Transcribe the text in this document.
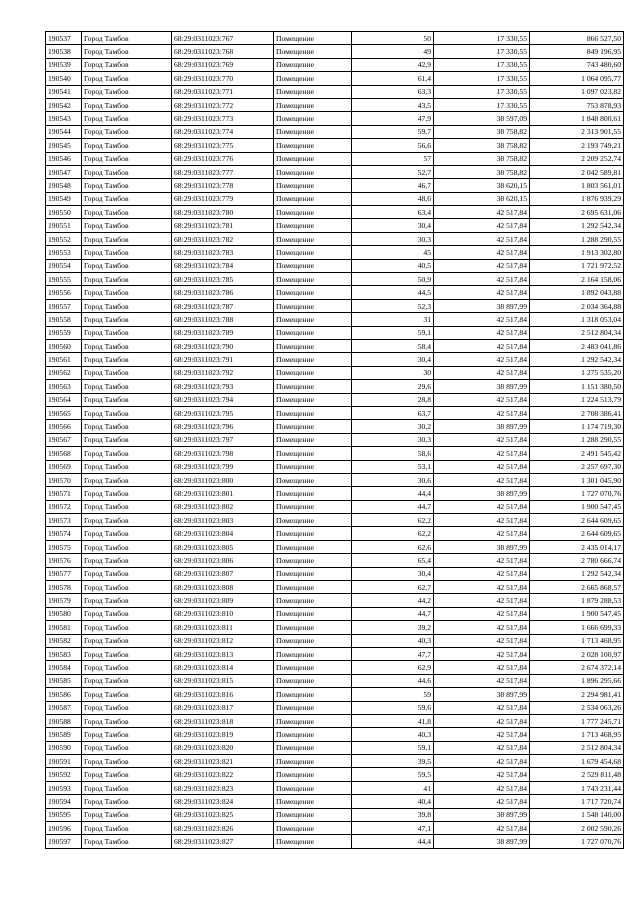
190537	Город Тамбов	68:29:0311023:767	Помещение	50	17 330,55	866 527,50
190538	Город Тамбов	68:29:0311023:768	Помещение	49	17 330,55	849 196,95
190539	Город Тамбов	68:29:0311023:769	Помещение	42,9	17 330,55	743 480,60
190540	Город Тамбов	68:29:0311023:770	Помещение	61,4	17 330,55	1 064 095,77
190541	Город Тамбов	68:29:0311023:771	Помещение	63,3	17 330,55	1 097 023,82
190542	Город Тамбов	68:29:0311023:772	Помещение	43,5	17 330,55	753 878,93
190543	Город Тамбов	68:29:0311023:773	Помещение	47,9	38 597,09	1 848 800,61
190544	Город Тамбов	68:29:0311023:774	Помещение	59,7	38 758,82	2 313 901,55
190545	Город Тамбов	68:29:0311023:775	Помещение	56,6	38 758,82	2 193 749,21
190546	Город Тамбов	68:29:0311023:776	Помещение	57	38 758,82	2 209 252,74
190547	Город Тамбов	68:29:0311023:777	Помещение	52,7	38 758,82	2 042 589,81
190548	Город Тамбов	68:29:0311023:778	Помещение	46,7	38 620,15	1 803 561,01
190549	Город Тамбов	68:29:0311023:779	Помещение	48,6	38 620,15	1 876 939,29
190550	Город Тамбов	68:29:0311023:780	Помещение	63,4	42 517,84	2 695 631,06
190551	Город Тамбов	68:29:0311023:781	Помещение	30,4	42 517,84	1 292 542,34
190552	Город Тамбов	68:29:0311023:782	Помещение	30,3	42 517,84	1 288 290,55
190553	Город Тамбов	68:29:0311023:783	Помещение	45	42 517,84	1 913 302,80
190554	Город Тамбов	68:29:0311023:784	Помещение	40,5	42 517,84	1 721 972,52
190555	Город Тамбов	68:29:0311023:785	Помещение	50,9	42 517,84	2 164 158,06
190556	Город Тамбов	68:29:0311023:786	Помещение	44,5	42 517,84	1 892 043,88
190557	Город Тамбов	68:29:0311023:787	Помещение	52,3	38 897,99	2 034 364,88
190558	Город Тамбов	68:29:0311023:788	Помещение	31	42 517,84	1 318 053,04
190559	Город Тамбов	68:29:0311023:789	Помещение	59,1	42 517,84	2 512 804,34
190560	Город Тамбов	68:29:0311023:790	Помещение	58,4	42 517,84	2 483 041,86
190561	Город Тамбов	68:29:0311023:791	Помещение	30,4	42 517,84	1 292 542,34
190562	Город Тамбов	68:29:0311023:792	Помещение	30	42 517,84	1 275 535,20
190563	Город Тамбов	68:29:0311023:793	Помещение	29,6	38 897,99	1 151 380,50
190564	Город Тамбов	68:29:0311023:794	Помещение	28,8	42 517,84	1 224 513,79
190565	Город Тамбов	68:29:0311023:795	Помещение	63,7	42 517,84	2 708 386,41
190566	Город Тамбов	68:29:0311023:796	Помещение	30,2	38 897,99	1 174 719,30
190567	Город Тамбов	68:29:0311023:797	Помещение	30,3	42 517,84	1 288 290,55
190568	Город Тамбов	68:29:0311023:798	Помещение	58,6	42 517,84	2 491 545,42
190569	Город Тамбов	68:29:0311023:799	Помещение	53,1	42 517,84	2 257 697,30
190570	Город Тамбов	68:29:0311023:800	Помещение	30,6	42 517,84	1 301 045,90
190571	Город Тамбов	68:29:0311023:801	Помещение	44,4	38 897,99	1 727 070,76
190572	Город Тамбов	68:29:0311023:802	Помещение	44,7	42 517,84	1 900 547,45
190573	Город Тамбов	68:29:0311023:803	Помещение	62,2	42 517,84	2 644 609,65
190574	Город Тамбов	68:29:0311023:804	Помещение	62,2	42 517,84	2 644 609,65
190575	Город Тамбов	68:29:0311023:805	Помещение	62,6	38 897,99	2 435 014,17
190576	Город Тамбов	68:29:0311023:806	Помещение	65,4	42 517,84	2 780 666,74
190577	Город Тамбов	68:29:0311023:807	Помещение	30,4	42 517,84	1 292 542,34
190578	Город Тамбов	68:29:0311023:808	Помещение	62,7	42 517,84	2 665 868,57
190579	Город Тамбов	68:29:0311023:809	Помещение	44,2	42 517,84	1 879 288,53
190580	Город Тамбов	68:29:0311023:810	Помещение	44,7	42 517,84	1 900 547,45
190581	Город Тамбов	68:29:0311023:811	Помещение	39,2	42 517,84	1 666 699,33
190582	Город Тамбов	68:29:0311023:812	Помещение	40,3	42 517,84	1 713 468,95
190583	Город Тамбов	68:29:0311023:813	Помещение	47,7	42 517,84	2 028 100,97
190584	Город Тамбов	68:29:0311023:814	Помещение	62,9	42 517,84	2 674 372,14
190585	Город Тамбов	68:29:0311023:815	Помещение	44,6	42 517,84	1 896 295,66
190586	Город Тамбов	68:29:0311023:816	Помещение	59	38 897,99	2 294 981,41
190587	Город Тамбов	68:29:0311023:817	Помещение	59,6	42 517,84	2 534 063,26
190588	Город Тамбов	68:29:0311023:818	Помещение	41,8	42 517,84	1 777 245,71
190589	Город Тамбов	68:29:0311023:819	Помещение	40,3	42 517,84	1 713 468,95
190590	Город Тамбов	68:29:0311023:820	Помещение	59,1	42 517,84	2 512 804,34
190591	Город Тамбов	68:29:0311023:821	Помещение	39,5	42 517,84	1 679 454,68
190592	Город Тамбов	68:29:0311023:822	Помещение	59,5	42 517,84	2 529 811,48
190593	Город Тамбов	68:29:0311023:823	Помещение	41	42 517,84	1 743 231,44
190594	Город Тамбов	68:29:0311023:824	Помещение	40,4	42 517,84	1 717 720,74
190595	Город Тамбов	68:29:0311023:825	Помещение	39,8	38 897,99	1 548 140,00
190596	Город Тамбов	68:29:0311023:826	Помещение	47,1	42 517,84	2 002 590,26
190597	Город Тамбов	68:29:0311023:827	Помещение	44,4	38 897,99	1 727 070,76
